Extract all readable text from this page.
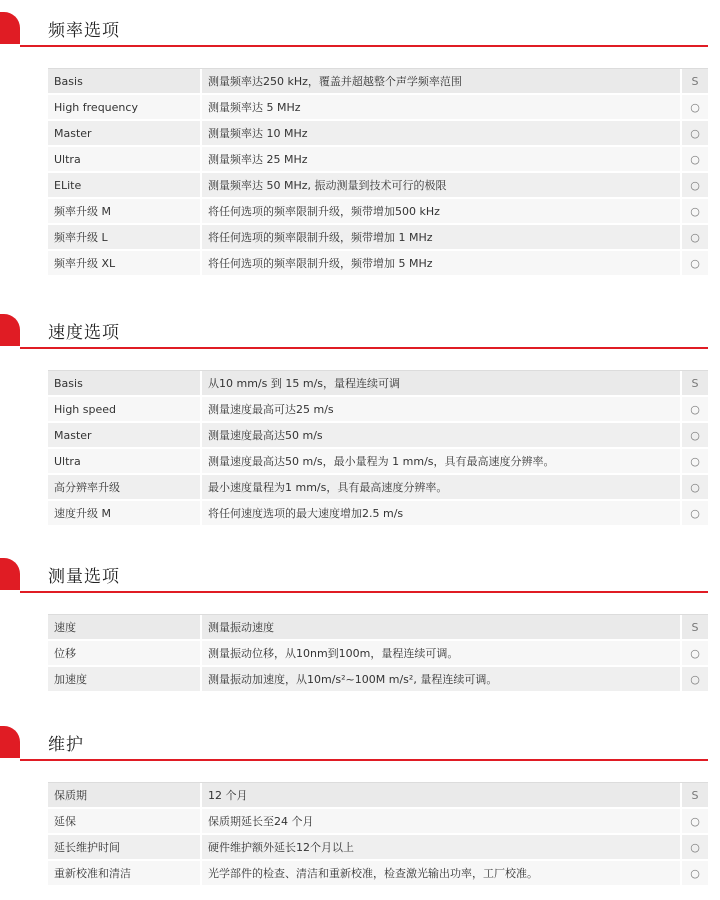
频率选项
Basis	测量频率达250 kHz，覆盖并超越整个声学频率范围	S
High frequency	测量频率达 5 MHz	○
Master	测量频率达 10 MHz	○
Ultra	测量频率达 25 MHz	○
ELite	测量频率达 50 MHz, 振动测量到技术可行的极限	○
频率升级 M	将任何选项的频率限制升级，频带增加500 kHz	○
频率升级 L	将任何选项的频率限制升级，频带增加 1 MHz	○
频率升级 XL	将任何选项的频率限制升级，频带增加 5 MHz	○
速度选项
Basis	从10 mm/s 到 15 m/s，量程连续可调	S
High speed	测量速度最高可达25 m/s	○
Master	测量速度最高达50 m/s	○
Ultra	测量速度最高达50 m/s，最小量程为 1 mm/s，具有最高速度分辨率。	○
高分辨率升级	最小速度量程为1 mm/s，具有最高速度分辨率。	○
速度升级 M	将任何速度选项的最大速度增加2.5 m/s	○
测量选项
速度	测量振动速度	S
位移	测量振动位移，从10nm到100m，量程连续可调。	○
加速度	测量振动加速度，从10m/s²~100M m/s², 量程连续可调。	○
维护
保质期	12 个月	S
延保	保质期延长至24 个月	○
延长维护时间	硬件维护额外延长12个月以上	○
重新校准和清洁	光学部件的检查、清洁和重新校准，检查激光输出功率，工厂校准。	○
